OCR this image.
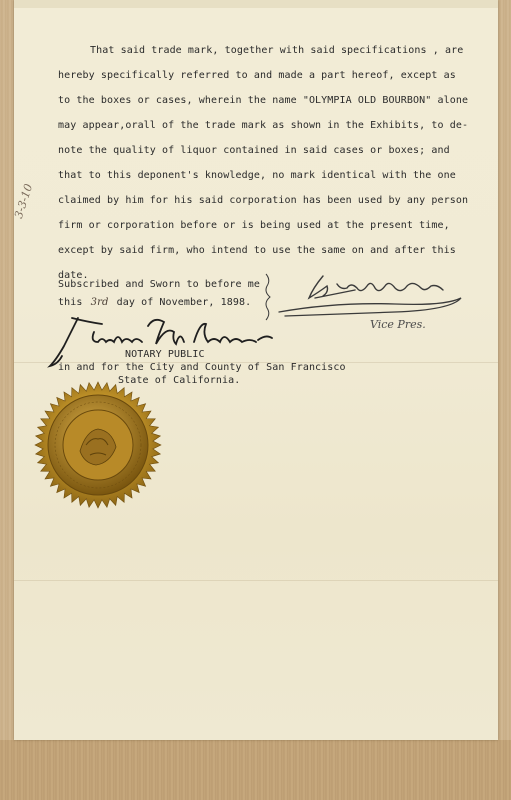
That said trade mark, together with said specifications , are
hereby specifically referred to and made a part hereof, except as
to the boxes or cases, wherein the name "OLYMPIA OLD BOURBON" alone
may appear,orall of the trade mark as shown in the Exhibits, to de-
note the quality of liquor contained in said cases or boxes; and
that to this deponent's knowledge, no mark identical with the one
claimed by him for his said corporation has been used by any person
firm or corporation before or is being used at the present time,
except by said firm, who intend to use the same on and after this
date.
3-3-10
Subscribed and Sworn to before me
this 3rd day of November, 1898.
Vice Pres.
NOTARY PUBLIC
in and for the City and County of San Francisco
State of California.
